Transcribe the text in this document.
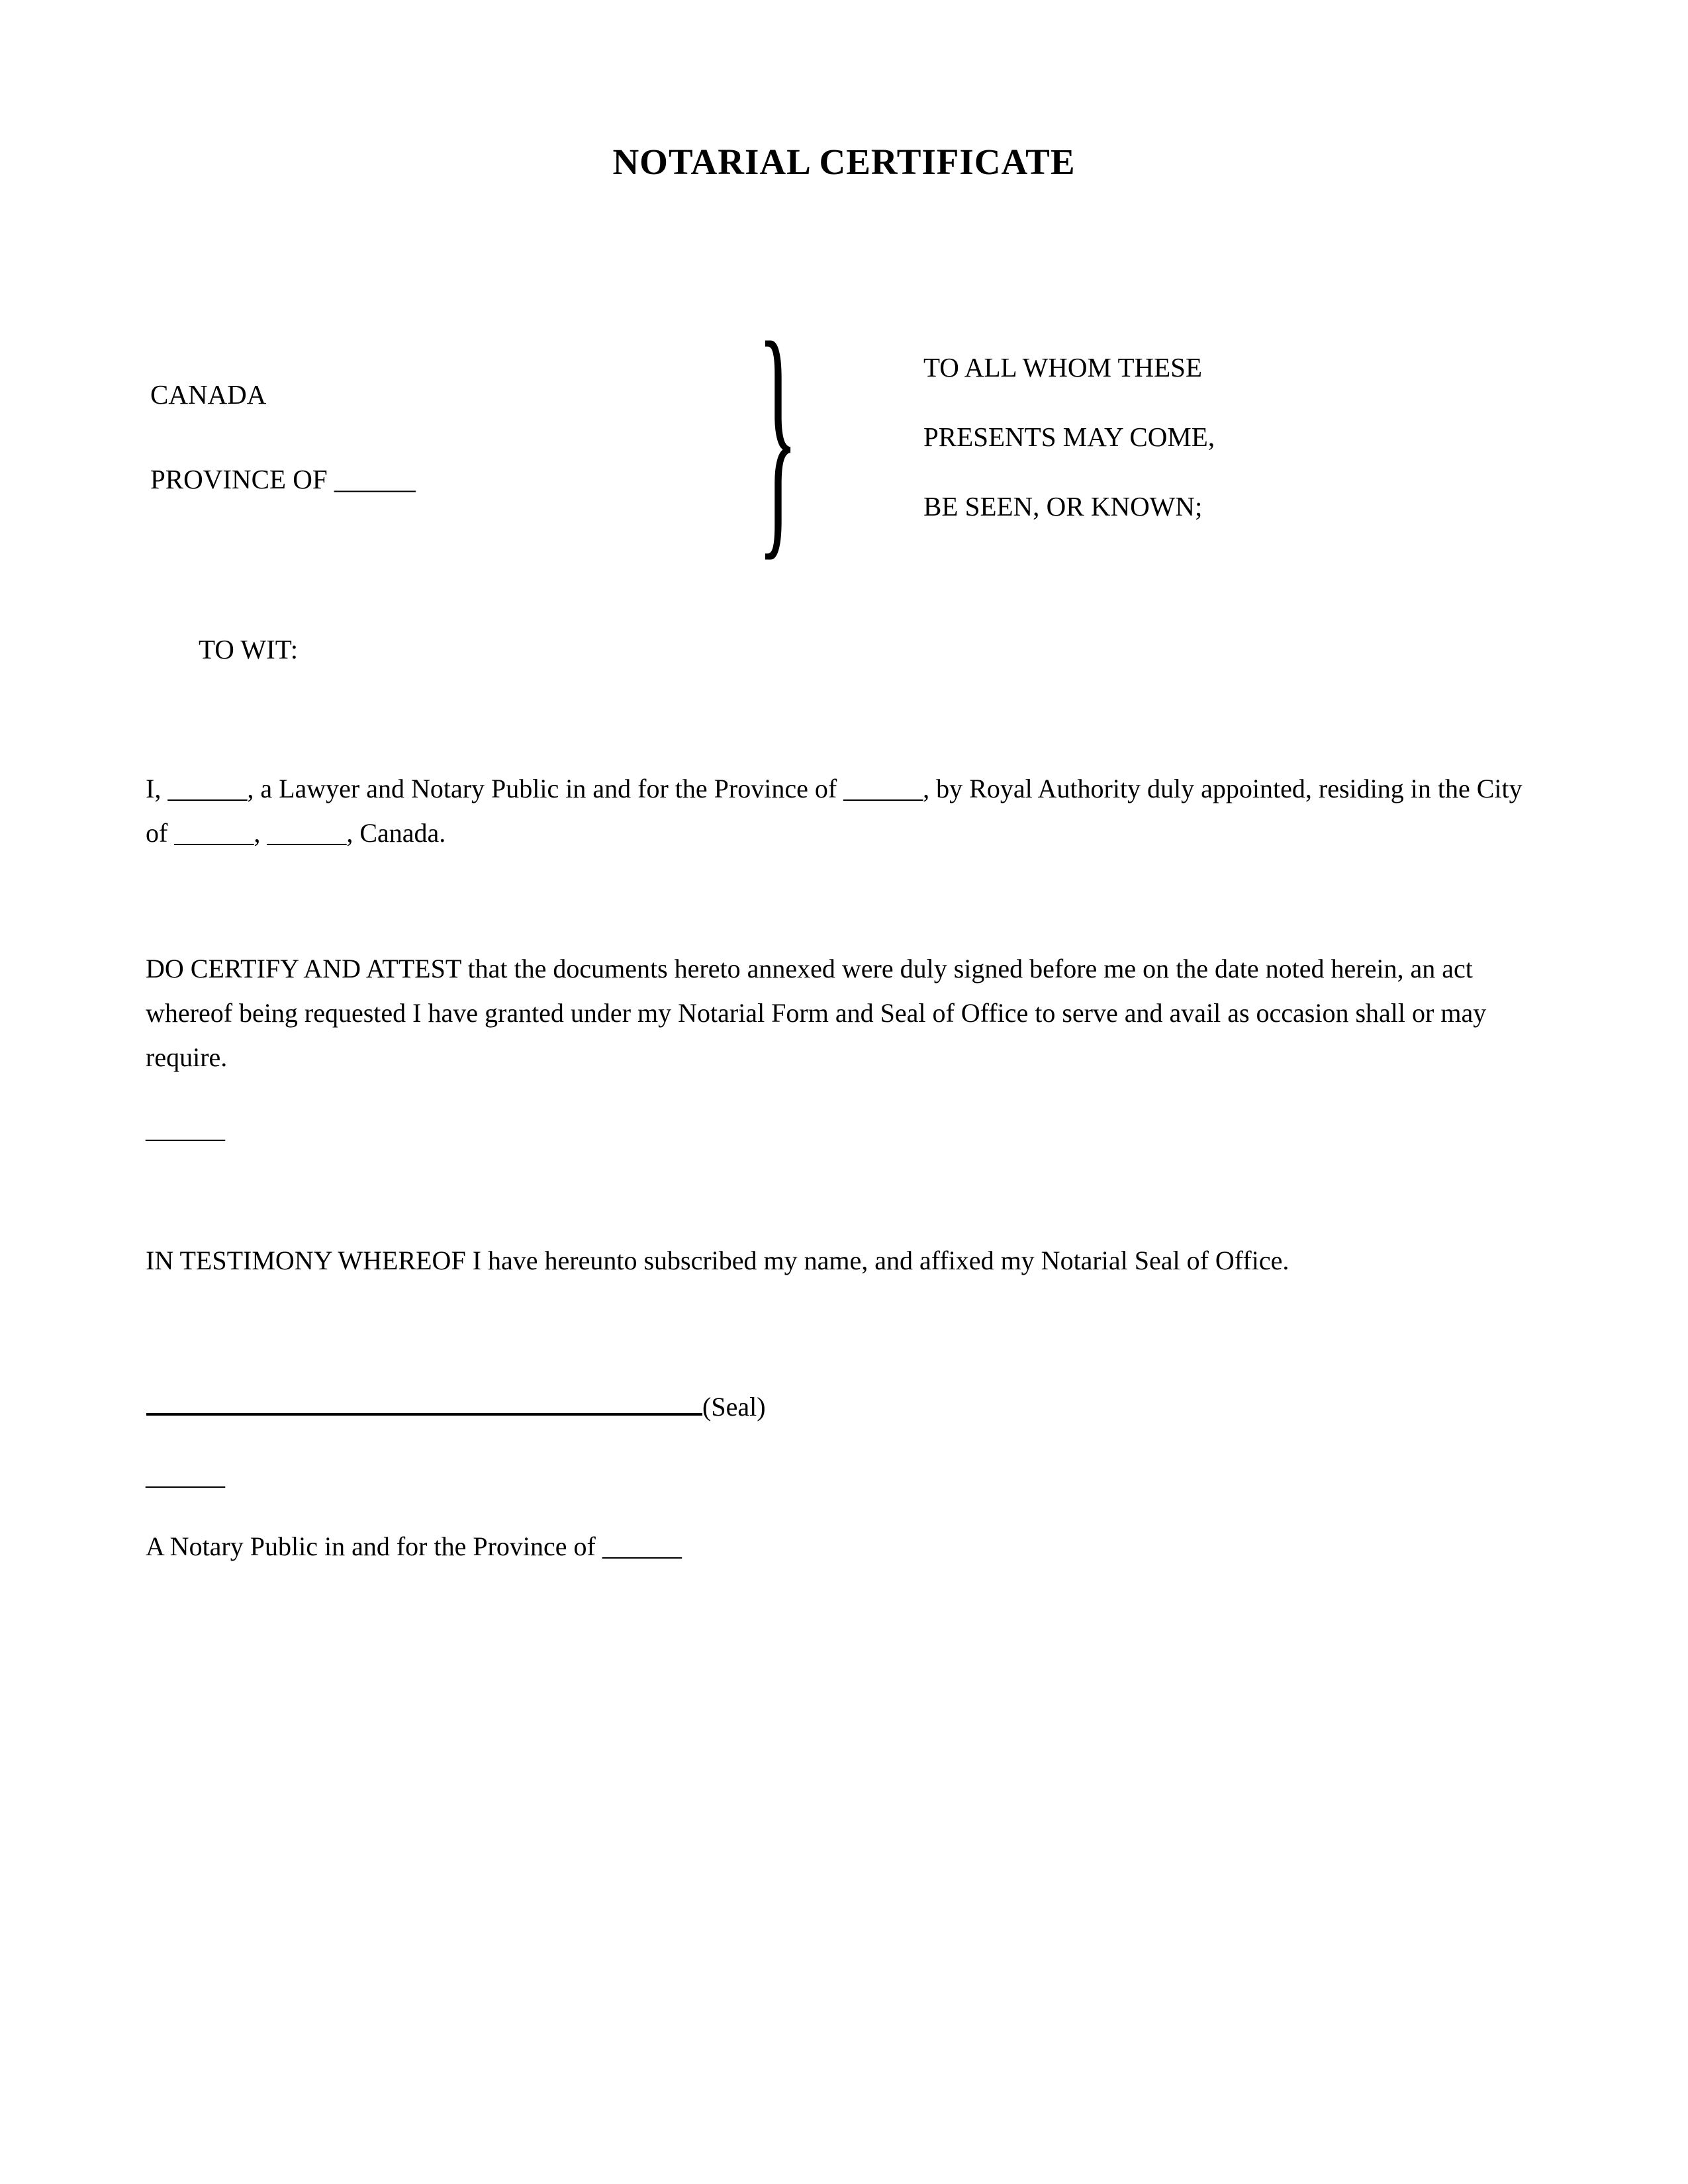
NOTARIAL CERTIFICATE
CANADA
PROVINCE OF ______ }	TO ALL WHOM THESE
PRESENTS MAY COME,
BE SEEN, OR KNOWN;
TO WIT:
I, ______, a Lawyer and Notary Public in and for the Province of ______, by Royal Authority duly appointed, residing in the City
of ______, ______, Canada.
DO CERTIFY AND ATTEST that the documents hereto annexed were duly signed before me on the date noted herein, an act
whereof being requested I have granted under my Notarial Form and Seal of Office to serve and avail as occasion shall or may
require.
______
IN TESTIMONY WHEREOF I have hereunto subscribed my name, and affixed my Notarial Seal of Office.
(Seal)
______
A Notary Public in and for the Province of ______
